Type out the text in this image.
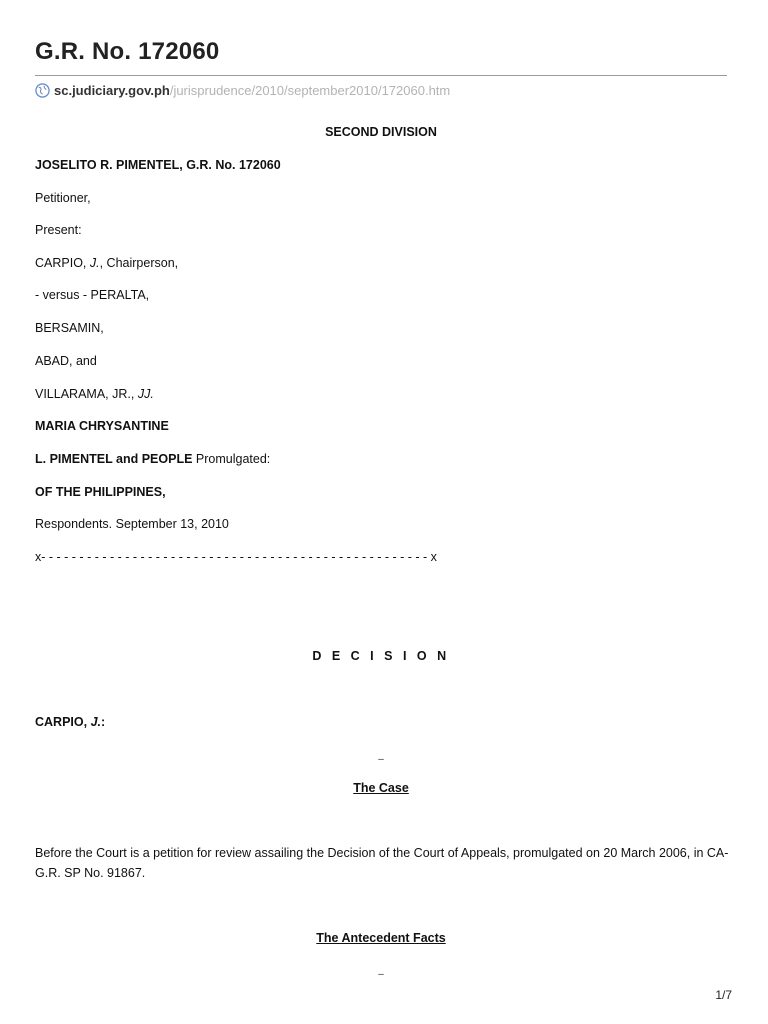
G.R. No. 172060
sc.judiciary.gov.ph /jurisprudence/2010/september2010/172060.htm

SECOND DIVISION

JOSELITO R. PIMENTEL, G.R. No. 172060

Petitioner,

Present:

CARPIO, J., Chairperson,

- versus - PERALTA,

BERSAMIN,

ABAD, and

VILLARAMA, JR., JJ.

MARIA CHRYSANTINE

L. PIMENTEL and PEOPLE Promulgated:

OF THE PHILIPPINES,

Respondents. September 13, 2010

x- - - - - - - - - - - - - - - - - - - - - - - - - - - - - - - - - - - - - - - - - - - - - - - - - - - x

D E C I S I O N

CARPIO, J.:

–

The Case

Before the Court is a petition for review assailing the Decision of the Court of Appeals, promulgated on 20 March 2006, in CA-G.R. SP No. 91867.

The Antecedent Facts

–
1/7
